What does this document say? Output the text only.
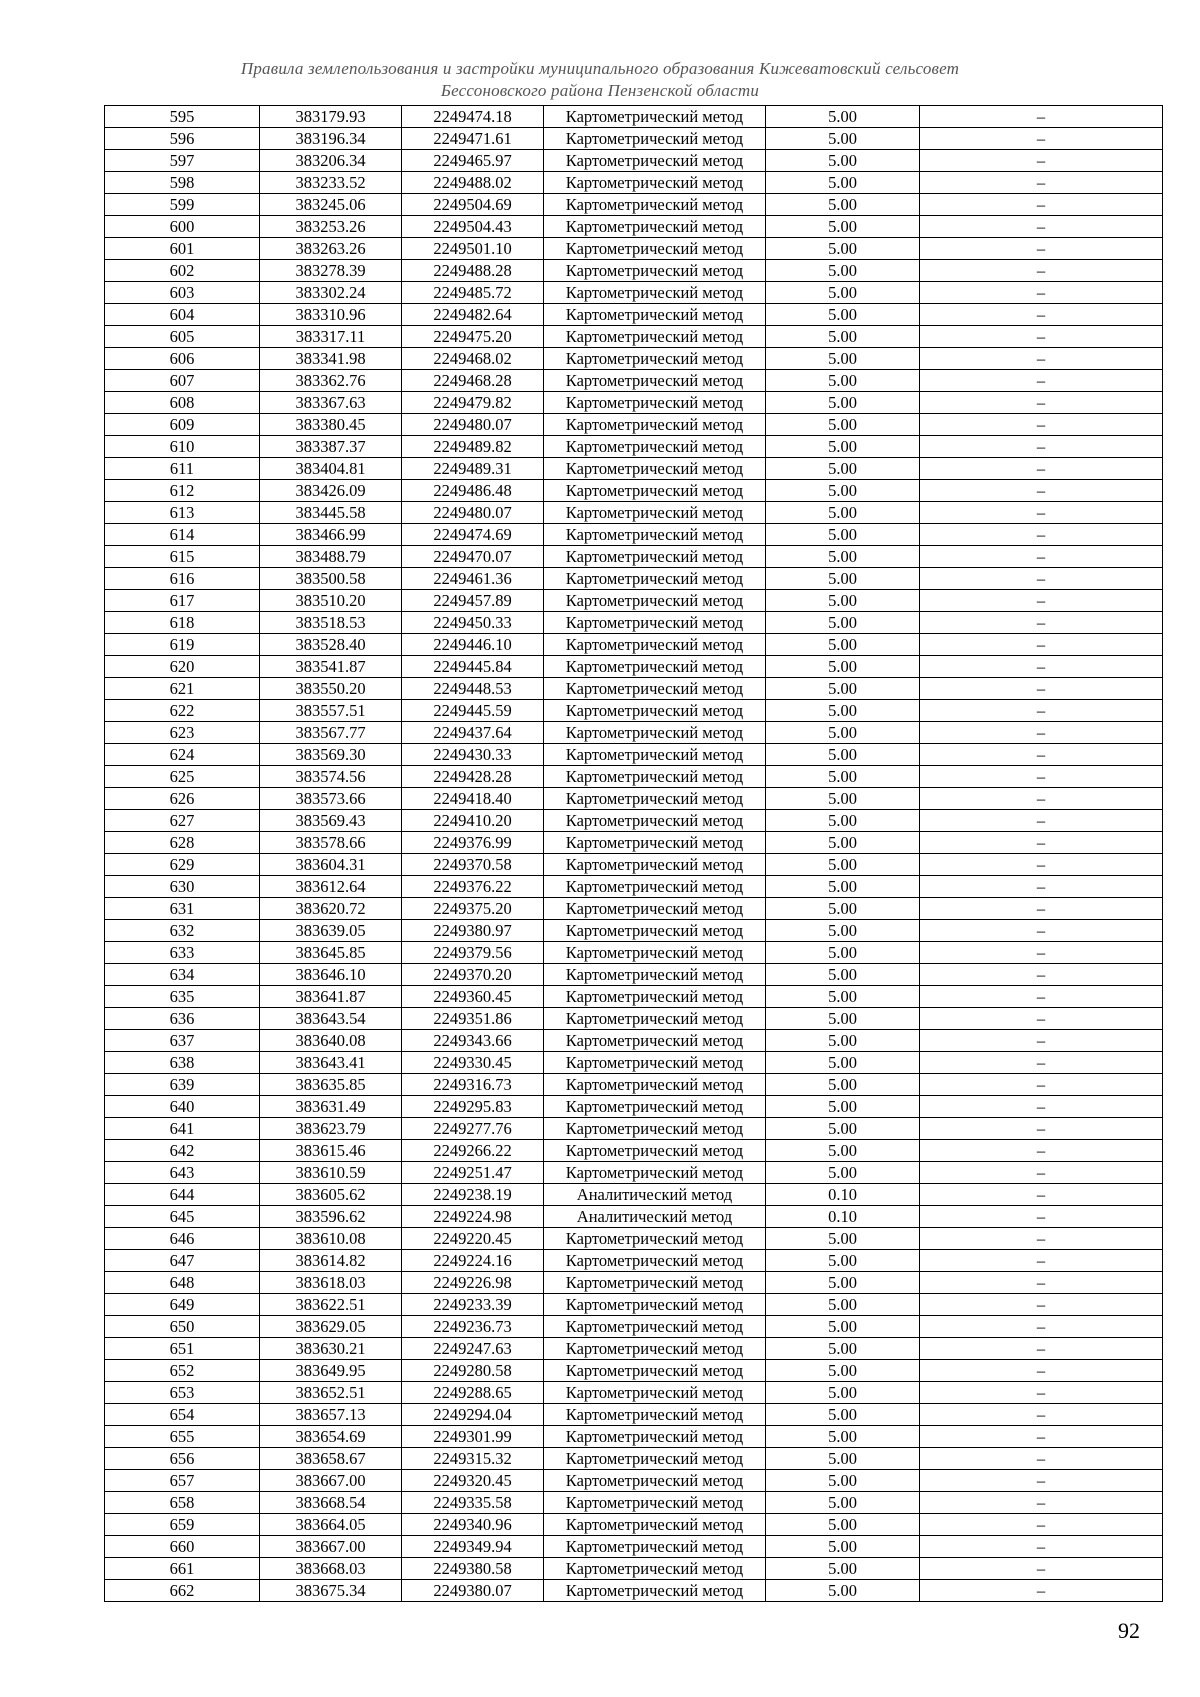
Правила землепользования и застройки муниципального образования Кижеватовский сельсовет
Бессоновского района Пензенской области
595	383179.93	2249474.18	Картометрический метод	5.00	–
596	383196.34	2249471.61	Картометрический метод	5.00	–
597	383206.34	2249465.97	Картометрический метод	5.00	–
598	383233.52	2249488.02	Картометрический метод	5.00	–
599	383245.06	2249504.69	Картометрический метод	5.00	–
600	383253.26	2249504.43	Картометрический метод	5.00	–
601	383263.26	2249501.10	Картометрический метод	5.00	–
602	383278.39	2249488.28	Картометрический метод	5.00	–
603	383302.24	2249485.72	Картометрический метод	5.00	–
604	383310.96	2249482.64	Картометрический метод	5.00	–
605	383317.11	2249475.20	Картометрический метод	5.00	–
606	383341.98	2249468.02	Картометрический метод	5.00	–
607	383362.76	2249468.28	Картометрический метод	5.00	–
608	383367.63	2249479.82	Картометрический метод	5.00	–
609	383380.45	2249480.07	Картометрический метод	5.00	–
610	383387.37	2249489.82	Картометрический метод	5.00	–
611	383404.81	2249489.31	Картометрический метод	5.00	–
612	383426.09	2249486.48	Картометрический метод	5.00	–
613	383445.58	2249480.07	Картометрический метод	5.00	–
614	383466.99	2249474.69	Картометрический метод	5.00	–
615	383488.79	2249470.07	Картометрический метод	5.00	–
616	383500.58	2249461.36	Картометрический метод	5.00	–
617	383510.20	2249457.89	Картометрический метод	5.00	–
618	383518.53	2249450.33	Картометрический метод	5.00	–
619	383528.40	2249446.10	Картометрический метод	5.00	–
620	383541.87	2249445.84	Картометрический метод	5.00	–
621	383550.20	2249448.53	Картометрический метод	5.00	–
622	383557.51	2249445.59	Картометрический метод	5.00	–
623	383567.77	2249437.64	Картометрический метод	5.00	–
624	383569.30	2249430.33	Картометрический метод	5.00	–
625	383574.56	2249428.28	Картометрический метод	5.00	–
626	383573.66	2249418.40	Картометрический метод	5.00	–
627	383569.43	2249410.20	Картометрический метод	5.00	–
628	383578.66	2249376.99	Картометрический метод	5.00	–
629	383604.31	2249370.58	Картометрический метод	5.00	–
630	383612.64	2249376.22	Картометрический метод	5.00	–
631	383620.72	2249375.20	Картометрический метод	5.00	–
632	383639.05	2249380.97	Картометрический метод	5.00	–
633	383645.85	2249379.56	Картометрический метод	5.00	–
634	383646.10	2249370.20	Картометрический метод	5.00	–
635	383641.87	2249360.45	Картометрический метод	5.00	–
636	383643.54	2249351.86	Картометрический метод	5.00	–
637	383640.08	2249343.66	Картометрический метод	5.00	–
638	383643.41	2249330.45	Картометрический метод	5.00	–
639	383635.85	2249316.73	Картометрический метод	5.00	–
640	383631.49	2249295.83	Картометрический метод	5.00	–
641	383623.79	2249277.76	Картометрический метод	5.00	–
642	383615.46	2249266.22	Картометрический метод	5.00	–
643	383610.59	2249251.47	Картометрический метод	5.00	–
644	383605.62	2249238.19	Аналитический метод	0.10	–
645	383596.62	2249224.98	Аналитический метод	0.10	–
646	383610.08	2249220.45	Картометрический метод	5.00	–
647	383614.82	2249224.16	Картометрический метод	5.00	–
648	383618.03	2249226.98	Картометрический метод	5.00	–
649	383622.51	2249233.39	Картометрический метод	5.00	–
650	383629.05	2249236.73	Картометрический метод	5.00	–
651	383630.21	2249247.63	Картометрический метод	5.00	–
652	383649.95	2249280.58	Картометрический метод	5.00	–
653	383652.51	2249288.65	Картометрический метод	5.00	–
654	383657.13	2249294.04	Картометрический метод	5.00	–
655	383654.69	2249301.99	Картометрический метод	5.00	–
656	383658.67	2249315.32	Картометрический метод	5.00	–
657	383667.00	2249320.45	Картометрический метод	5.00	–
658	383668.54	2249335.58	Картометрический метод	5.00	–
659	383664.05	2249340.96	Картометрический метод	5.00	–
660	383667.00	2249349.94	Картометрический метод	5.00	–
661	383668.03	2249380.58	Картометрический метод	5.00	–
662	383675.34	2249380.07	Картометрический метод	5.00	–
92
